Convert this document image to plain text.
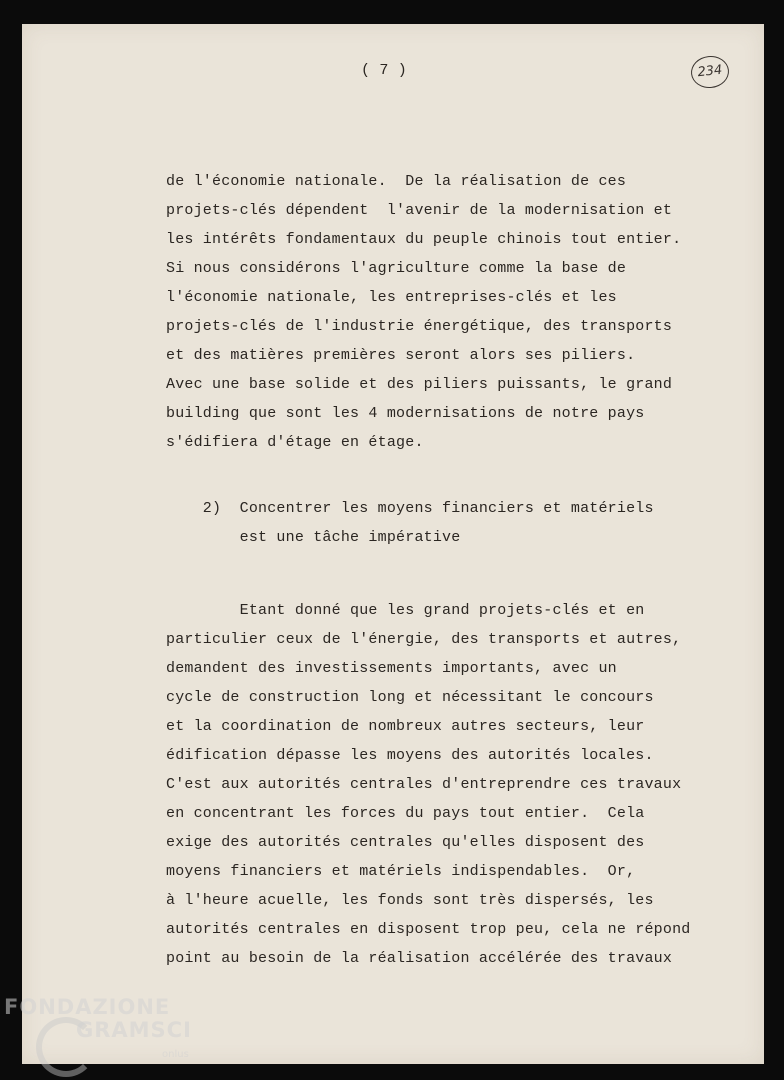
( 7 )	234
de l'économie nationale.  De la réalisation de ces
projets-clés dépendent  l'avenir de la modernisation et
les intérêts fondamentaux du peuple chinois tout entier.
Si nous considérons l'agriculture comme la base de
l'économie nationale, les entreprises-clés et les
projets-clés de l'industrie énergétique, des transports
et des matières premières seront alors ses piliers.
Avec une base solide et des piliers puissants, le grand
building que sont les 4 modernisations de notre pays
s'édifiera d'étage en étage.
2)  Concentrer les moyens financiers et matériels
est une tâche impérative
Etant donné que les grand projets-clés et en
particulier ceux de l'énergie, des transports et autres,
demandent des investissements importants, avec un
cycle de construction long et nécessitant le concours
et la coordination de nombreux autres secteurs, leur
édification dépasse les moyens des autorités locales.
C'est aux autorités centrales d'entreprendre ces travaux
en concentrant les forces du pays tout entier.  Cela
exige des autorités centrales qu'elles disposent des
moyens financiers et matériels indispendables.  Or,
à l'heure acuelle, les fonds sont très dispersés, les
autorités centrales en disposent trop peu, cela ne répond
point au besoin de la réalisation accélérée des travaux
FONDAZIONE
GRAMSCI
onlus
